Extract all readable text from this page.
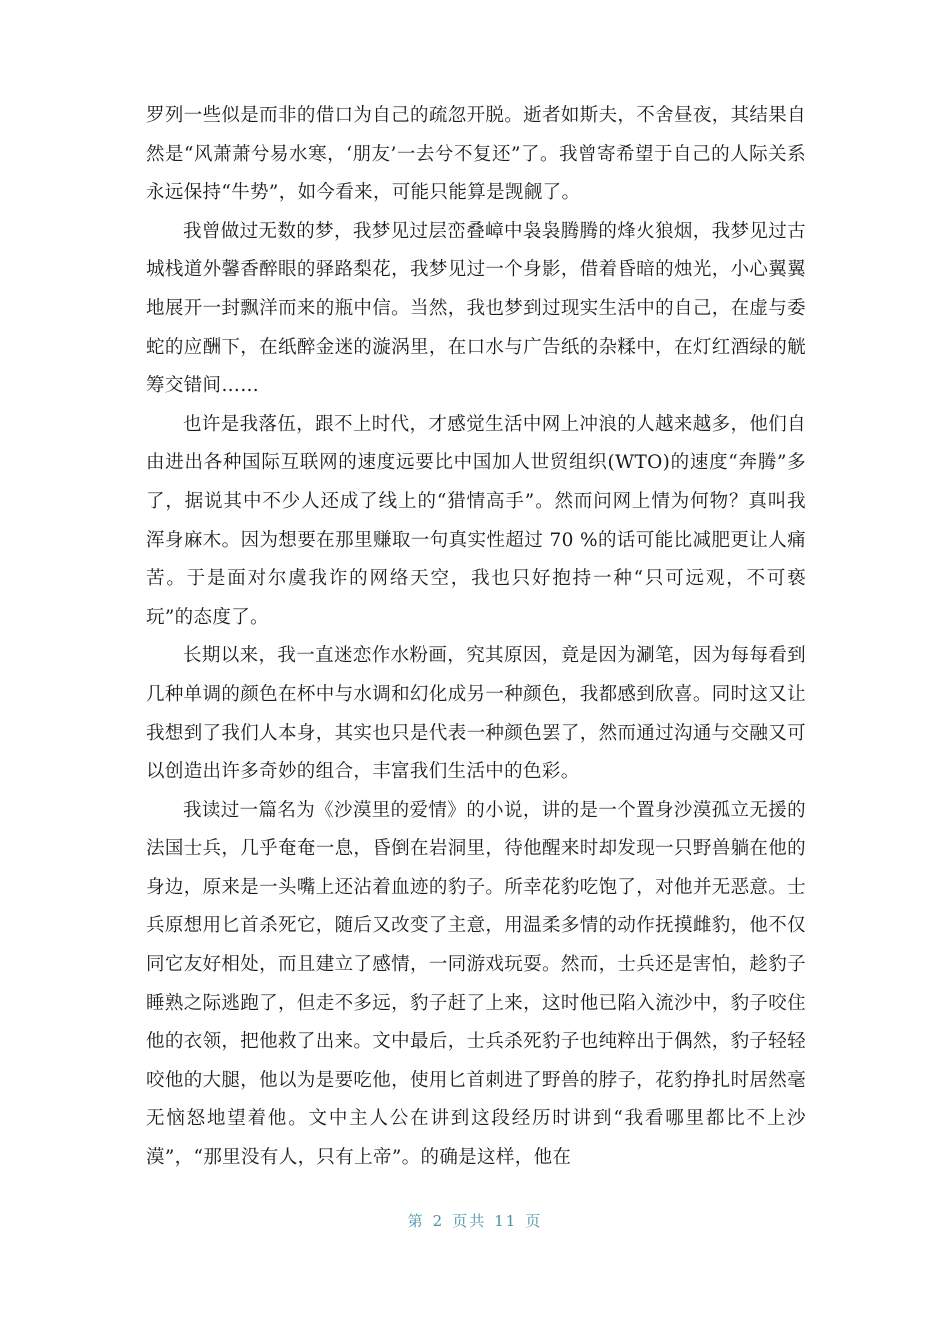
罗列一些似是而非的借口为自己的疏忽开脱。逝者如斯夫，不舍昼夜，其结果自然是“风萧萧兮易水寒，‘朋友’一去兮不复还”了。我曾寄希望于自己的人际关系永远保持“牛势”，如今看来，可能只能算是觊觎了。

我曾做过无数的梦，我梦见过层峦叠嶂中袅袅腾腾的烽火狼烟，我梦见过古城栈道外馨香醉眼的驿路梨花，我梦见过一个身影，借着昏暗的烛光，小心翼翼地展开一封飘洋而来的瓶中信。当然，我也梦到过现实生活中的自己，在虚与委蛇的应酬下，在纸醉金迷的漩涡里，在口水与广告纸的杂糅中，在灯红酒绿的觥筹交错间……

也许是我落伍，跟不上时代，才感觉生活中网上冲浪的人越来越多，他们自由进出各种国际互联网的速度远要比中国加人世贸组织(WTO)的速度“奔腾”多了，据说其中不少人还成了线上的“猎情高手”。然而问网上情为何物？真叫我浑身麻木。因为想要在那里赚取一句真实性超过 70 %的话可能比减肥更让人痛苦。于是面对尔虞我诈的网络天空，我也只好抱持一种“只可远观，不可亵玩”的态度了。

长期以来，我一直迷恋作水粉画，究其原因，竟是因为涮笔，因为每每看到几种单调的颜色在杯中与水调和幻化成另一种颜色，我都感到欣喜。同时这又让我想到了我们人本身，其实也只是代表一种颜色罢了，然而通过沟通与交融又可以创造出许多奇妙的组合，丰富我们生活中的色彩。

我读过一篇名为《沙漠里的爱情》的小说，讲的是一个置身沙漠孤立无援的法国士兵，几乎奄奄一息，昏倒在岩洞里，待他醒来时却发现一只野兽躺在他的身边，原来是一头嘴上还沾着血迹的豹子。所幸花豹吃饱了，对他并无恶意。士兵原想用匕首杀死它，随后又改变了主意，用温柔多情的动作抚摸雌豹，他不仅同它友好相处，而且建立了感情，一同游戏玩耍。然而，士兵还是害怕，趁豹子睡熟之际逃跑了，但走不多远，豹子赶了上来，这时他已陷入流沙中，豹子咬住他的衣领，把他救了出来。文中最后，士兵杀死豹子也纯粹出于偶然，豹子轻轻咬他的大腿，他以为是要吃他，使用匕首刺进了野兽的脖子，花豹挣扎时居然毫无恼怒地望着他。文中主人公在讲到这段经历时讲到“我看哪里都比不上沙漠”，“那里没有人，只有上帝”。的确是这样，他在

第 2 页共 11 页
